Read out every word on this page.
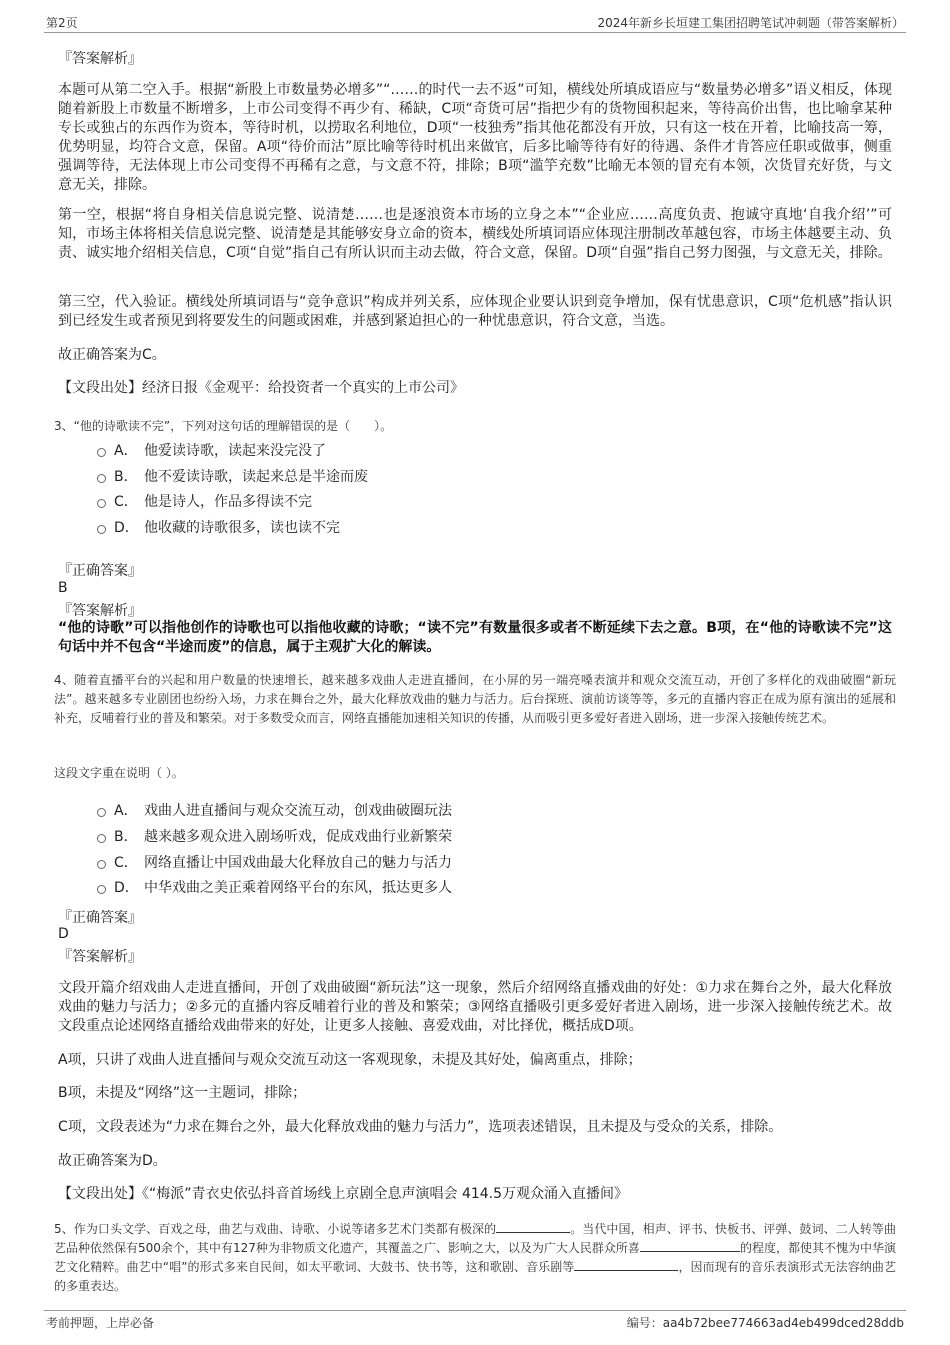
第2页	2024年新乡长垣建工集团招聘笔试冲刺题（带答案解析）
『答案解析』
本题可从第二空入手。根据“新股上市数量势必增多”“……的时代一去不返”可知，横线处所填成语应与“数量势必增多”语义相反，体现随着新股上市数量不断增多，上市公司变得不再少有、稀缺，C项“奇货可居”指把少有的货物囤积起来，等待高价出售，也比喻拿某种专长或独占的东西作为资本，等待时机，以捞取名利地位，D项“一枝独秀”指其他花都没有开放，只有这一枝在开着，比喻技高一筹，优势明显，均符合文意，保留。A项“待价而沽”原比喻等待时机出来做官，后多比喻等待有好的待遇、条件才肯答应任职或做事，侧重强调等待，无法体现上市公司变得不再稀有之意，与文意不符，排除；B项“滥竽充数”比喻无本领的冒充有本领，次货冒充好货，与文意无关，排除。
第一空，根据“将自身相关信息说完整、说清楚……也是逐浪资本市场的立身之本”“企业应……高度负责、抱诚守真地‘自我介绍’”可知，市场主体将相关信息说完整、说清楚是其能够安身立命的资本，横线处所填词语应体现注册制改革越包容，市场主体越要主动、负责、诚实地介绍相关信息，C项“自觉”指自己有所认识而主动去做，符合文意，保留。D项“自强”指自己努力图强，与文意无关，排除。
第三空，代入验证。横线处所填词语与“竞争意识”构成并列关系，应体现企业要认识到竞争增加，保有忧患意识，C项“危机感”指认识到已经发生或者预见到将要发生的问题或困难，并感到紧迫担心的一种忧患意识，符合文意，当选。
故正确答案为C。
【文段出处】经济日报《金观平：给投资者一个真实的上市公司》
3、“他的诗歌读不完”，下列对这句话的理解错误的是（　　）。
A． 他爱读诗歌，读起来没完没了
B． 他不爱读诗歌，读起来总是半途而废
C． 他是诗人，作品多得读不完
D． 他收藏的诗歌很多，读也读不完
『正确答案』
B
『答案解析』
“他的诗歌”可以指他创作的诗歌也可以指他收藏的诗歌；“读不完”有数量很多或者不断延续下去之意。B项，在“他的诗歌读不完”这句话中并不包含“半途而废”的信息，属于主观扩大化的解读。
4、随着直播平台的兴起和用户数量的快速增长，越来越多戏曲人走进直播间，在小屏的另一端亮嗓表演并和观众交流互动，开创了多样化的戏曲破圈“新玩法”。越来越多专业剧团也纷纷入场，力求在舞台之外，最大化释放戏曲的魅力与活力。后台探班、演前访谈等等，多元的直播内容正在成为原有演出的延展和补充，反哺着行业的普及和繁荣。对于多数受众而言，网络直播能加速相关知识的传播，从而吸引更多爱好者进入剧场，进一步深入接触传统艺术。
这段文字重在说明（ ）。
A． 戏曲人进直播间与观众交流互动，创戏曲破圈玩法
B． 越来越多观众进入剧场听戏，促成戏曲行业新繁荣
C． 网络直播让中国戏曲最大化释放自己的魅力与活力
D． 中华戏曲之美正乘着网络平台的东风，抵达更多人
『正确答案』
D
『答案解析』
文段开篇介绍戏曲人走进直播间，开创了戏曲破圈“新玩法”这一现象，然后介绍网络直播戏曲的好处：①力求在舞台之外，最大化释放戏曲的魅力与活力；②多元的直播内容反哺着行业的普及和繁荣；③网络直播吸引更多爱好者进入剧场，进一步深入接触传统艺术。故文段重点论述网络直播给戏曲带来的好处，让更多人接触、喜爱戏曲，对比择优，概括成D项。
A项，只讲了戏曲人进直播间与观众交流互动这一客观现象，未提及其好处，偏离重点，排除；
B项，未提及“网络”这一主题词，排除；
C项，文段表述为“力求在舞台之外，最大化释放戏曲的魅力与活力”，选项表述错误，且未提及与受众的关系，排除。
故正确答案为D。
【文段出处】《“梅派”青衣史依弘抖音首场线上京剧全息声演唱会 414.5万观众涌入直播间》
5、作为口头文学、百戏之母，曲艺与戏曲、诗歌、小说等诸多艺术门类都有极深的	。当代中国，相声、评书、快板书、评弹、鼓词、二人转等曲艺品种依然保有500余个，其中有127种为非物质文化遗产，其覆盖之广、影响之大，以及为广大人民群众所喜	的程度，都使其不愧为中华演艺文化精粹。曲艺中“唱”的形式多来自民间，如太平歌词、大鼓书、快书等，这和歌剧、音乐剧等	，因而现有的音乐表演形式无法容纳曲艺的多重表达。
考前押题，上岸必备	编号：aa4b72bee774663ad4eb499dced28ddb
